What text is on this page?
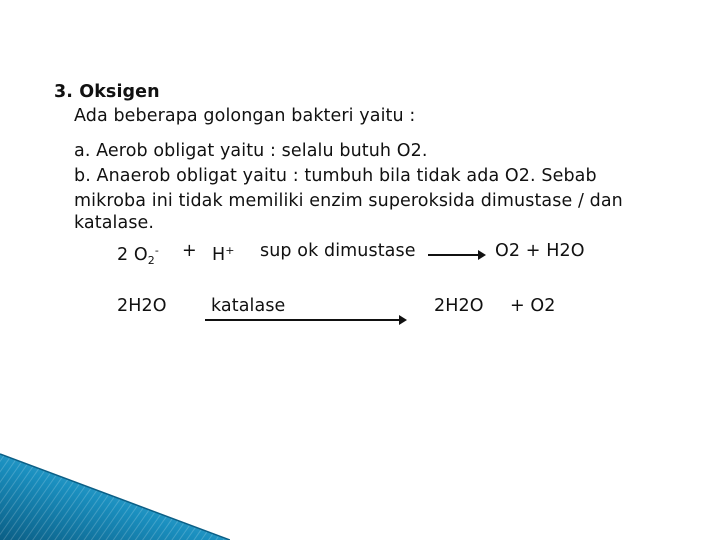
3. Oksigen
Ada beberapa golongan bakteri yaitu :
a. Aerob obligat yaitu : selalu butuh O2.
b. Anaerob obligat yaitu : tumbuh bila tidak ada O2. Sebab
mikroba ini tidak memiliki enzim superoksida dimustase / dan
katalase.
2 $O_2^- + H^+$ sup ok dimustase	O2 + H2O
2H2O	katalase	2H2O + O2
